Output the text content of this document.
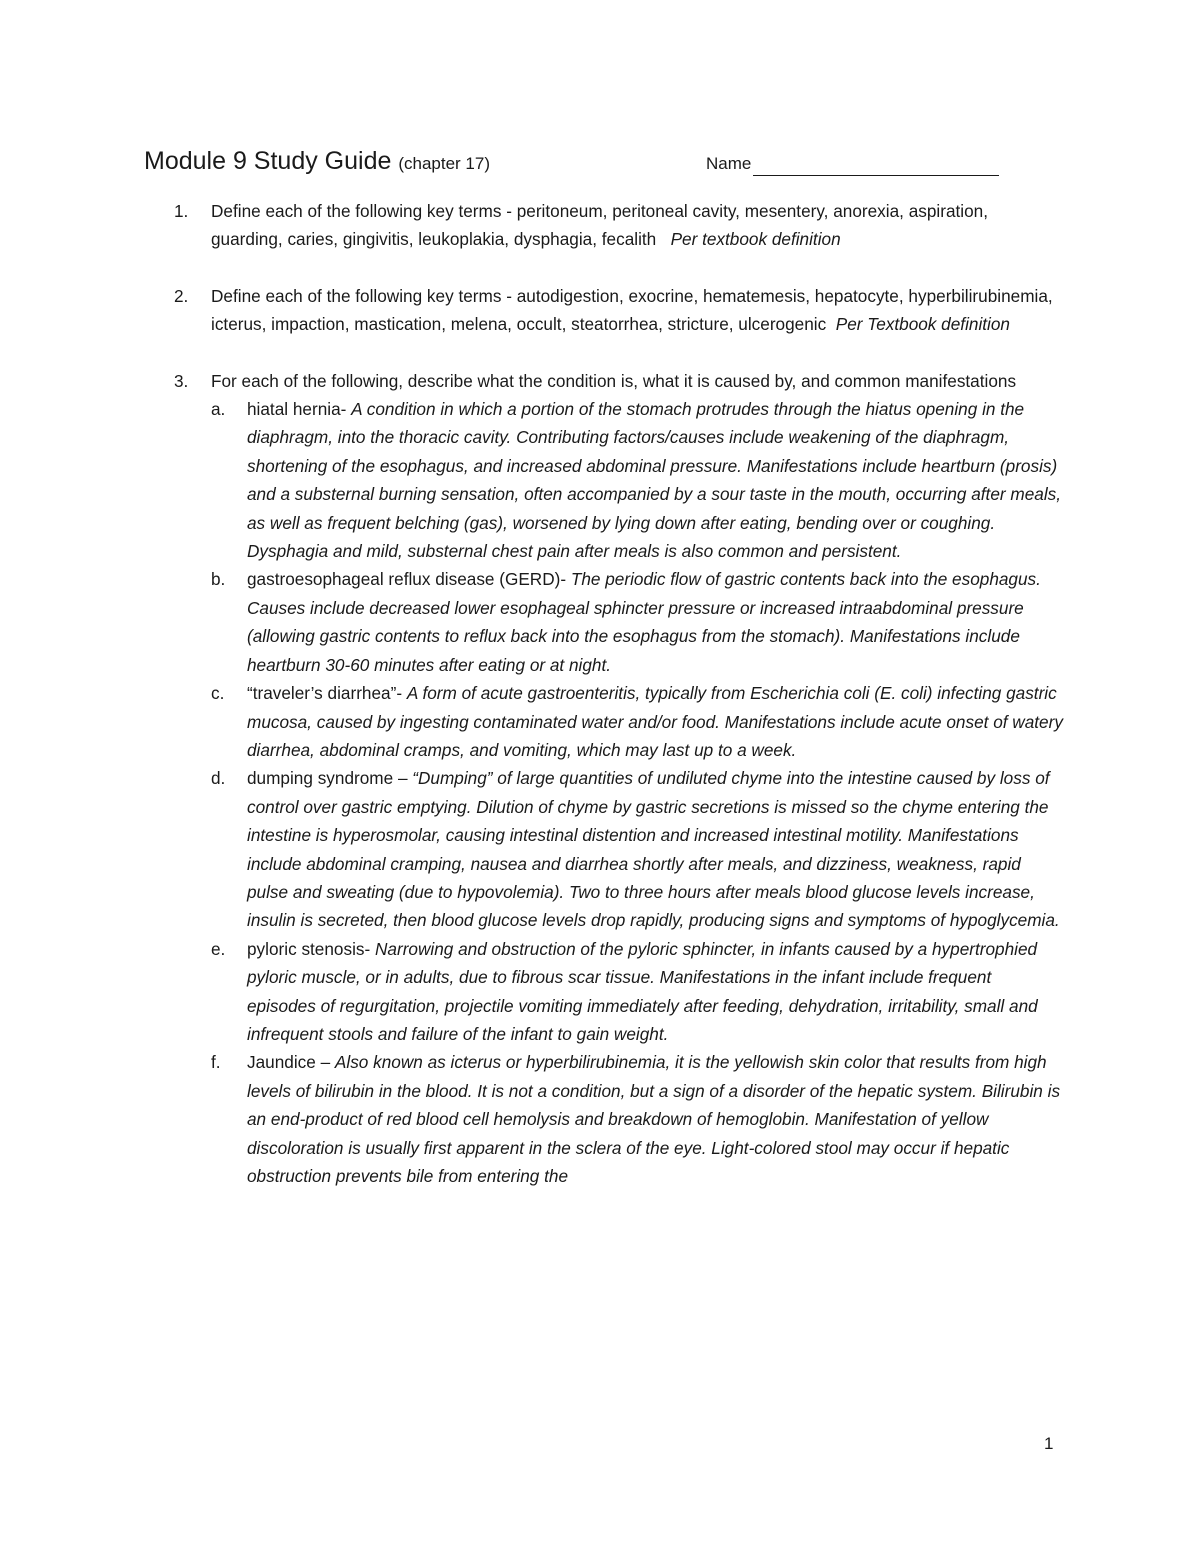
Module 9 Study Guide (chapter 17)	Name
1. Define each of the following key terms - peritoneum, peritoneal cavity, mesentery, anorexia, aspiration, guarding, caries, gingivitis, leukoplakia, dysphagia, fecalith Per textbook definition
2. Define each of the following key terms - autodigestion, exocrine, hematemesis, hepatocyte, hyperbilirubinemia, icterus, impaction, mastication, melena, occult, steatorrhea, stricture, ulcerogenic Per Textbook definition
3. For each of the following, describe what the condition is, what it is caused by, and common manifestations
a. hiatal hernia- A condition in which a portion of the stomach protrudes through the hiatus opening in the diaphragm, into the thoracic cavity. Contributing factors/causes include weakening of the diaphragm, shortening of the esophagus, and increased abdominal pressure. Manifestations include heartburn (prosis) and a substernal burning sensation, often accompanied by a sour taste in the mouth, occurring after meals, as well as frequent belching (gas), worsened by lying down after eating, bending over or coughing. Dysphagia and mild, substernal chest pain after meals is also common and persistent.
b. gastroesophageal reflux disease (GERD)- The periodic flow of gastric contents back into the esophagus. Causes include decreased lower esophageal sphincter pressure or increased intraabdominal pressure (allowing gastric contents to reflux back into the esophagus from the stomach). Manifestations include heartburn 30-60 minutes after eating or at night.
c. “traveler’s diarrhea”- A form of acute gastroenteritis, typically from Escherichia coli (E. coli) infecting gastric mucosa, caused by ingesting contaminated water and/or food. Manifestations include acute onset of watery diarrhea, abdominal cramps, and vomiting, which may last up to a week.
d. dumping syndrome – “Dumping” of large quantities of undiluted chyme into the intestine caused by loss of control over gastric emptying. Dilution of chyme by gastric secretions is missed so the chyme entering the intestine is hyperosmolar, causing intestinal distention and increased intestinal motility. Manifestations include abdominal cramping, nausea and diarrhea shortly after meals, and dizziness, weakness, rapid pulse and sweating (due to hypovolemia). Two to three hours after meals blood glucose levels increase, insulin is secreted, then blood glucose levels drop rapidly, producing signs and symptoms of hypoglycemia.
e. pyloric stenosis- Narrowing and obstruction of the pyloric sphincter, in infants caused by a hypertrophied pyloric muscle, or in adults, due to fibrous scar tissue. Manifestations in the infant include frequent episodes of regurgitation, projectile vomiting immediately after feeding, dehydration, irritability, small and infrequent stools and failure of the infant to gain weight.
f. Jaundice – Also known as icterus or hyperbilirubinemia, it is the yellowish skin color that results from high levels of bilirubin in the blood. It is not a condition, but a sign of a disorder of the hepatic system. Bilirubin is an end-product of red blood cell hemolysis and breakdown of hemoglobin. Manifestation of yellow discoloration is usually first apparent in the sclera of the eye. Light-colored stool may occur if hepatic obstruction prevents bile from entering the
1
